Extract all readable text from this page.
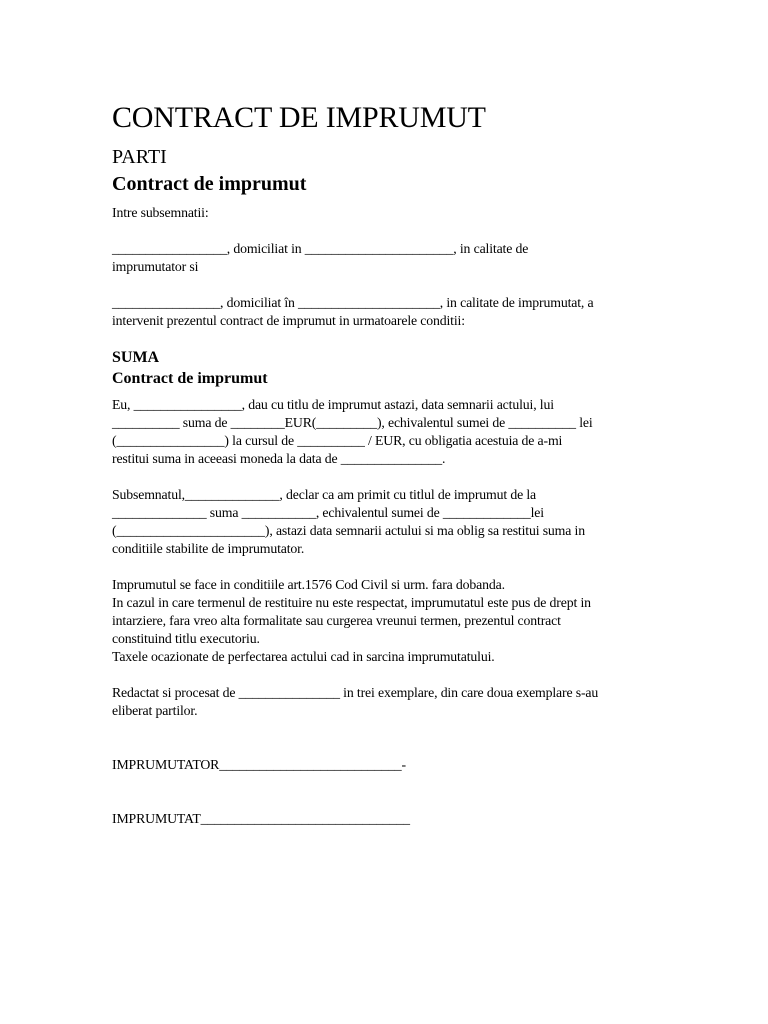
CONTRACT DE IMPRUMUT
PARTI
Contract de imprumut

Intre subsemnatii:

_________________, domiciliat in ______________________, in calitate de
imprumutator si

________________, domiciliat în _____________________, in calitate de imprumutat, a
intervenit prezentul contract de imprumut in urmatoarele conditii:

SUMA
Contract de imprumut

Eu, ________________, dau cu titlu de imprumut astazi, data semnarii actului, lui
__________ suma de ________EUR(_________), echivalentul sumei de __________ lei
(________________) la cursul de __________ / EUR, cu obligatia acestuia de a-mi
restitui suma in aceeasi moneda la data de _______________.

Subsemnatul,______________, declar ca am primit cu titlul de imprumut de la
______________ suma ___________, echivalentul sumei de _____________lei
(______________________), astazi data semnarii actului si ma oblig sa restitui suma in
conditiile stabilite de imprumutator.

Imprumutul se face in conditiile art.1576 Cod Civil si urm. fara dobanda.
In cazul in care termenul de restituire nu este respectat, imprumutatul este pus de drept in
intarziere, fara vreo alta formalitate sau curgerea vreunui termen, prezentul contract
constituind titlu executoriu.
Taxele ocazionate de perfectarea actului cad in sarcina imprumutatului.

Redactat si procesat de _______________ in trei exemplare, din care doua exemplare s-au
eliberat partilor.

IMPRUMUTATOR___________________________-

IMPRUMUTAT_______________________________
